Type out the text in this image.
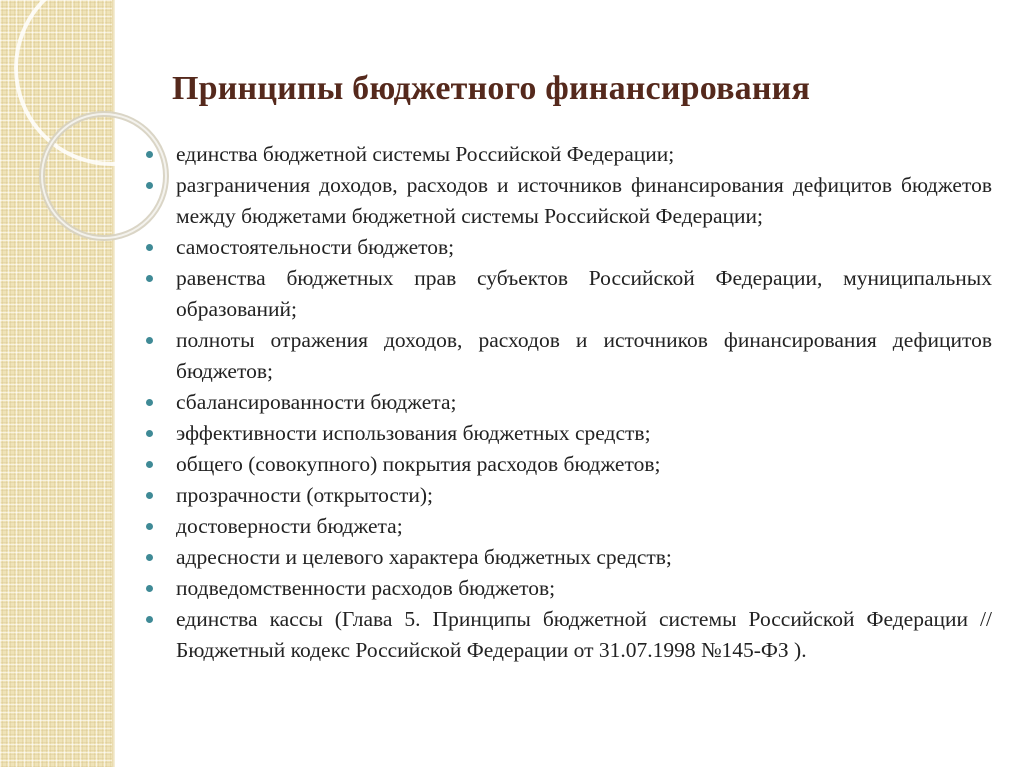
Принципы бюджетного финансирования
единства бюджетной системы Российской Федерации;
разграничения доходов, расходов и источников финансирования дефицитов бюджетов между бюджетами бюджетной системы Российской Федерации;
самостоятельности бюджетов;
равенства бюджетных прав субъектов Российской Федерации, муниципальных образований;
полноты отражения доходов, расходов и источников финансирования дефицитов бюджетов;
сбалансированности бюджета;
эффективности использования бюджетных средств;
общего (совокупного) покрытия расходов бюджетов;
прозрачности (открытости);
достоверности бюджета;
адресности и целевого характера бюджетных средств;
подведомственности расходов бюджетов;
единства кассы (Глава 5. Принципы бюджетной системы Российской Федерации // Бюджетный кодекс Российской Федерации от 31.07.1998 №145-ФЗ ).
